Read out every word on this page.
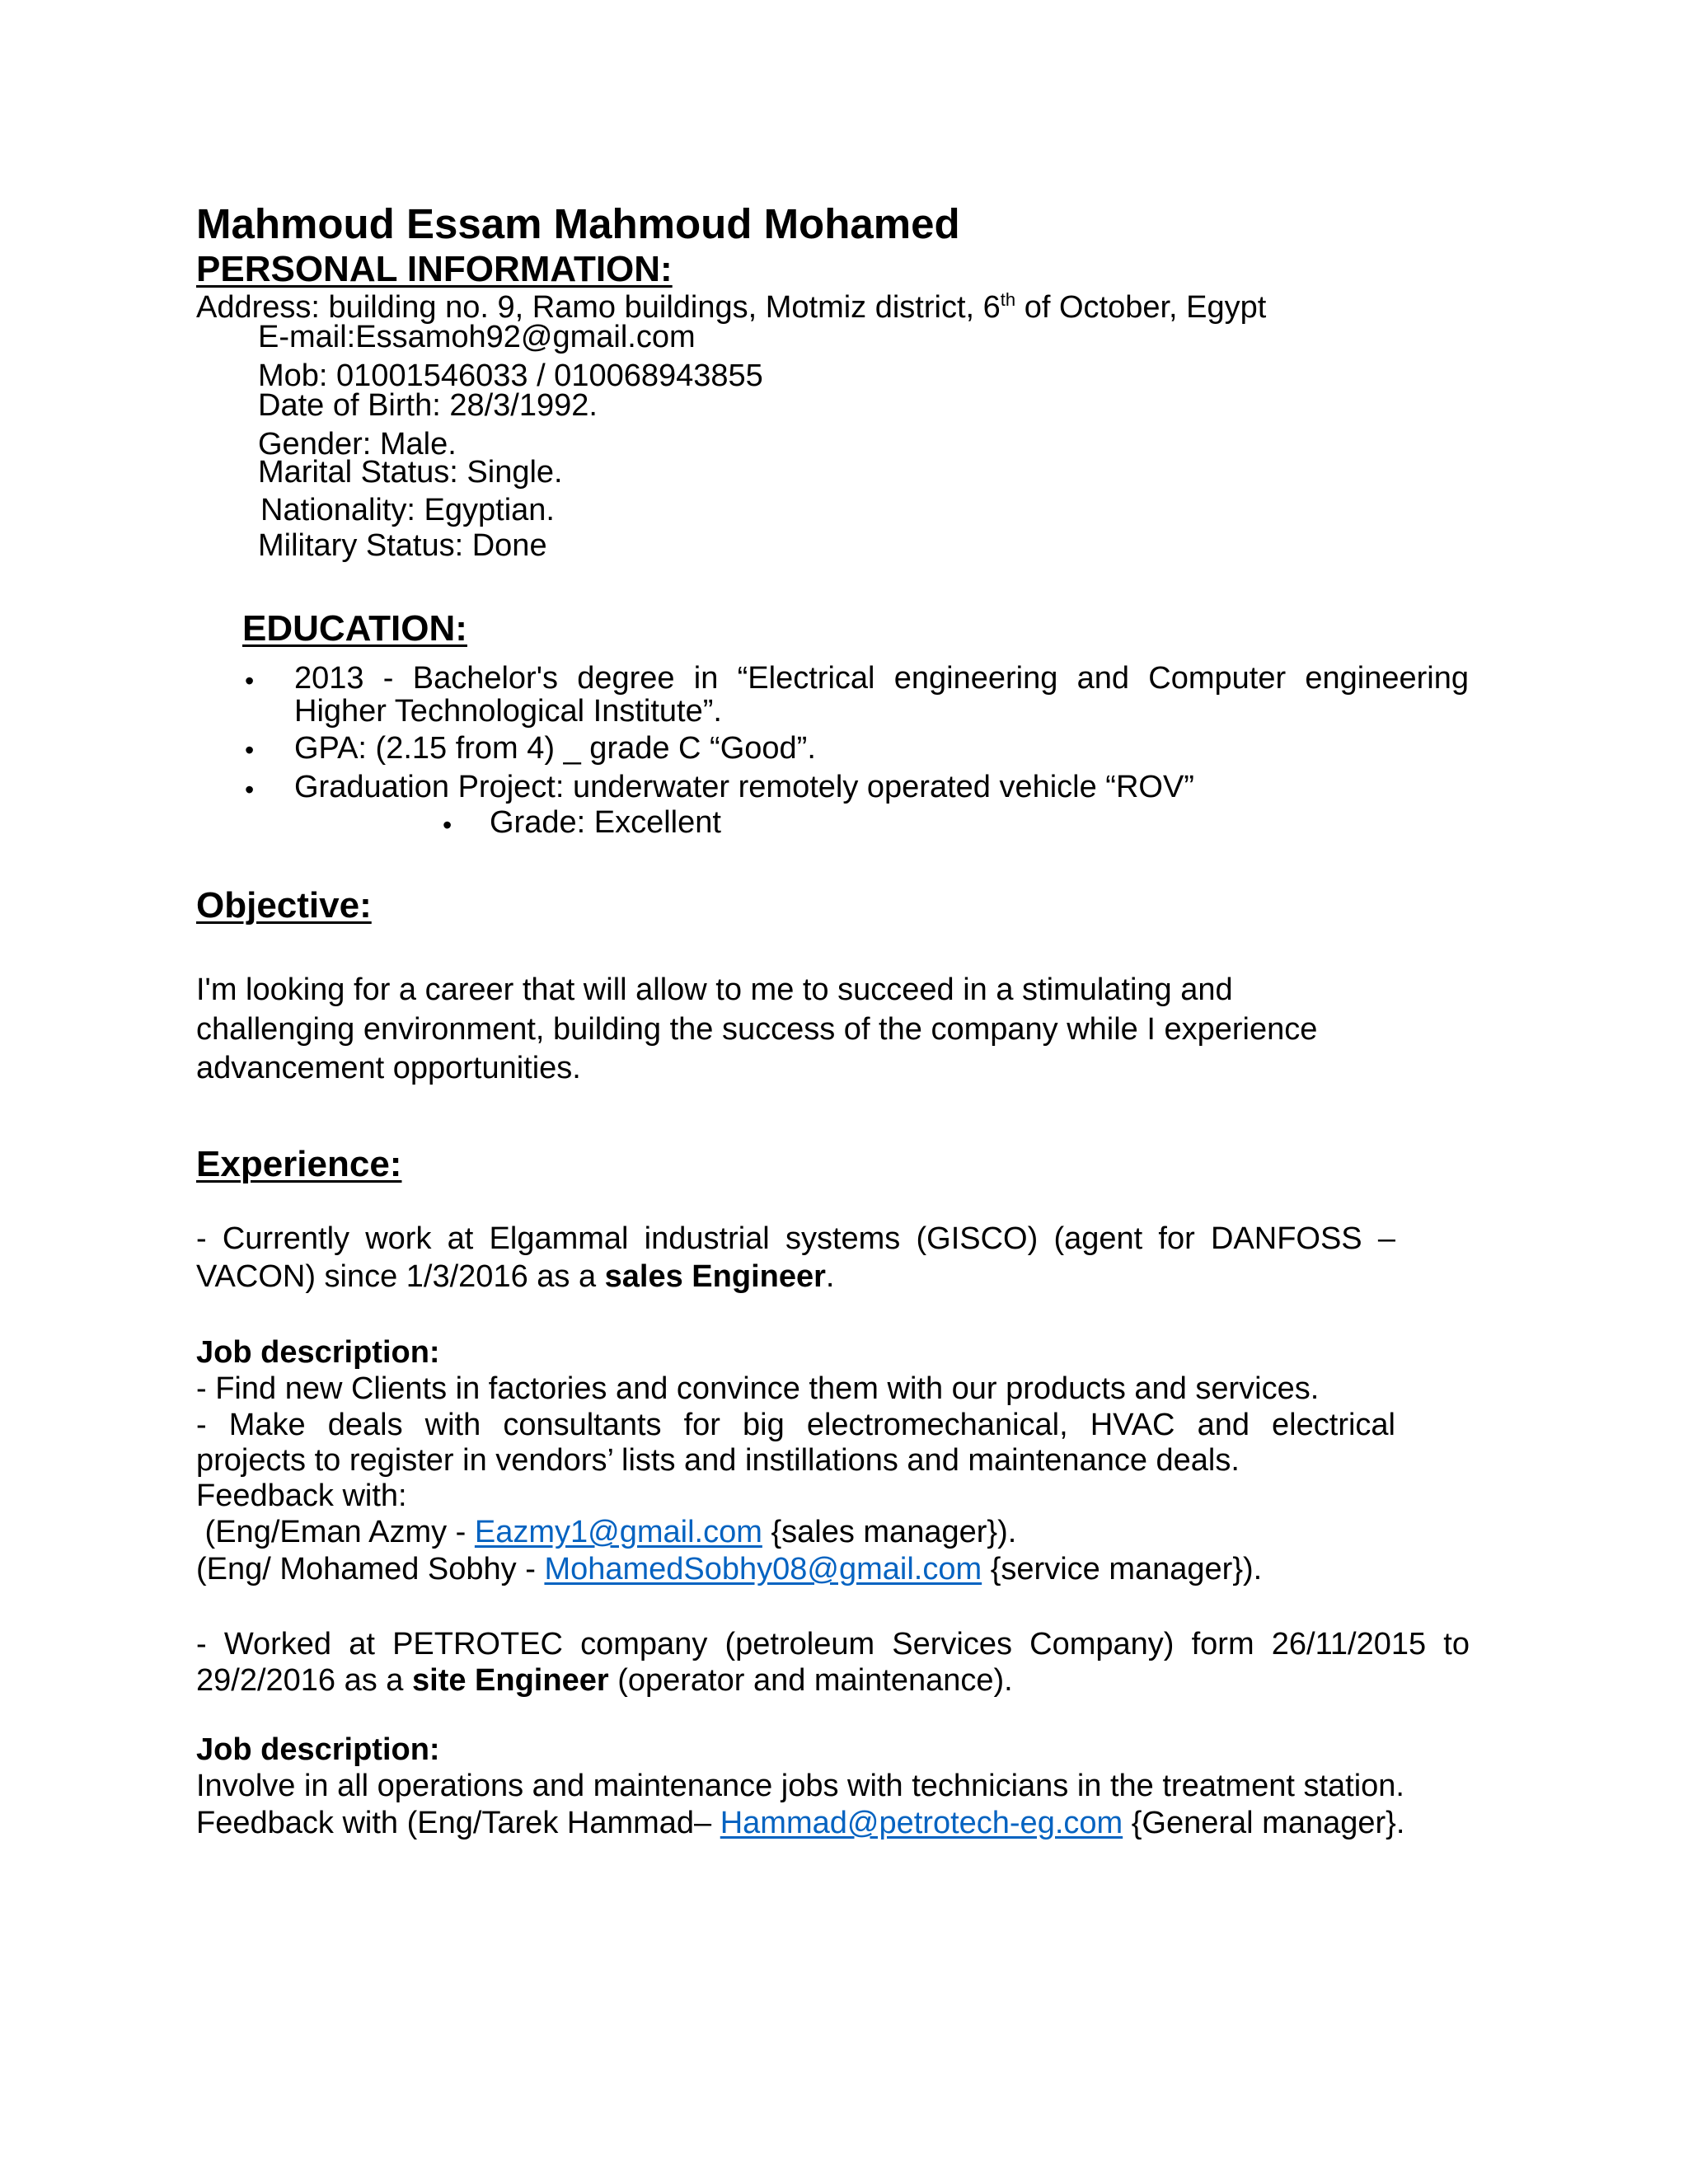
Mahmoud Essam Mahmoud Mohamed
PERSONAL INFORMATION:
Address: building no. 9, Ramo buildings, Motmiz district, 6th of October, Egypt
E-mail:Essamoh92@gmail.com
Mob: 01001546033 / 010068943855
Date of Birth: 28/3/1992.
Gender: Male.
Marital Status: Single.
Nationality: Egyptian.
Military Status: Done
EDUCATION:
• 2013 - Bachelor's degree in “Electrical engineering and Computer engineering
Higher Technological Institute”.
• GPA: (2.15 from 4) _ grade C “Good”.
• Graduation Project: underwater remotely operated vehicle “ROV”
• Grade: Excellent
Objective:
I'm looking for a career that will allow to me to succeed in a stimulating and
challenging environment, building the success of the company while I experience
advancement opportunities.
Experience:
- Currently work at Elgammal industrial systems (GISCO) (agent for DANFOSS –
VACON) since 1/3/2016 as a sales Engineer.
Job description:
- Find new Clients in factories and convince them with our products and services.
- Make deals with consultants for big electromechanical, HVAC and electrical
projects to register in vendors’ lists and instillations and maintenance deals.
Feedback with:
(Eng/Eman Azmy - Eazmy1@gmail.com {sales manager}).
(Eng/ Mohamed Sobhy - MohamedSobhy08@gmail.com {service manager}).
- Worked at PETROTEC company (petroleum Services Company) form 26/11/2015 to
29/2/2016 as a site Engineer (operator and maintenance).
Job description:
Involve in all operations and maintenance jobs with technicians in the treatment station.
Feedback with (Eng/Tarek Hammad– Hammad@petrotech-eg.com {General manager}.
